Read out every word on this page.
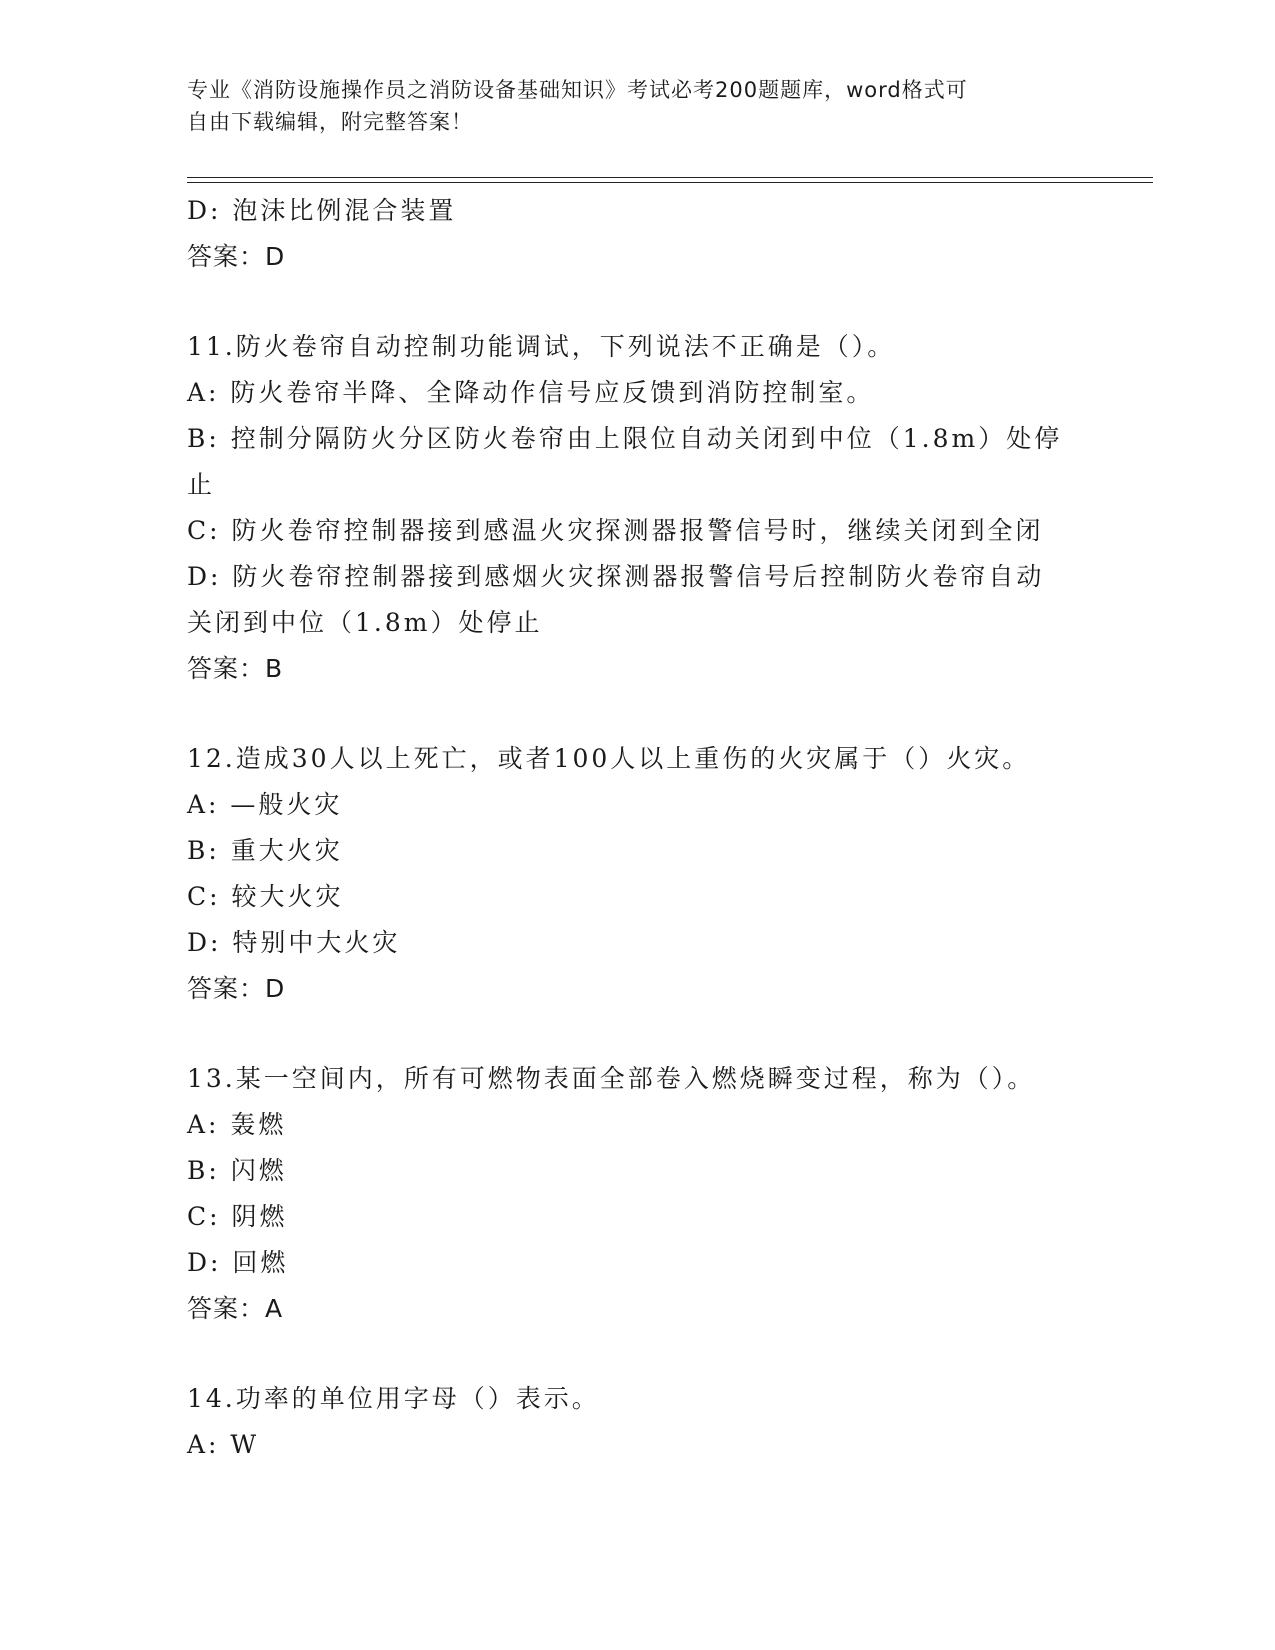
专业《消防设施操作员之消防设备基础知识》考试必考200题题库，word格式可
自由下载编辑，附完整答案！
D: 泡沫比例混合装置
答案：D
11.防火卷帘自动控制功能调试，下列说法不正确是（）。
A: 防火卷帘半降、全降动作信号应反馈到消防控制室。
B: 控制分隔防火分区防火卷帘由上限位自动关闭到中位（1.8m）处停
止
C: 防火卷帘控制器接到感温火灾探测器报警信号时，继续关闭到全闭
D: 防火卷帘控制器接到感烟火灾探测器报警信号后控制防火卷帘自动
关闭到中位（1.8m）处停止
答案：B
12.造成30人以上死亡，或者100人以上重伤的火灾属于（）火灾。
A: —般火灾
B: 重大火灾
C: 较大火灾
D: 特别中大火灾
答案：D
13.某一空间内，所有可燃物表面全部卷入燃烧瞬变过程，称为（）。
A: 轰燃
B: 闪燃
C: 阴燃
D: 回燃
答案：A
14.功率的单位用字母（）表示。
A: W
